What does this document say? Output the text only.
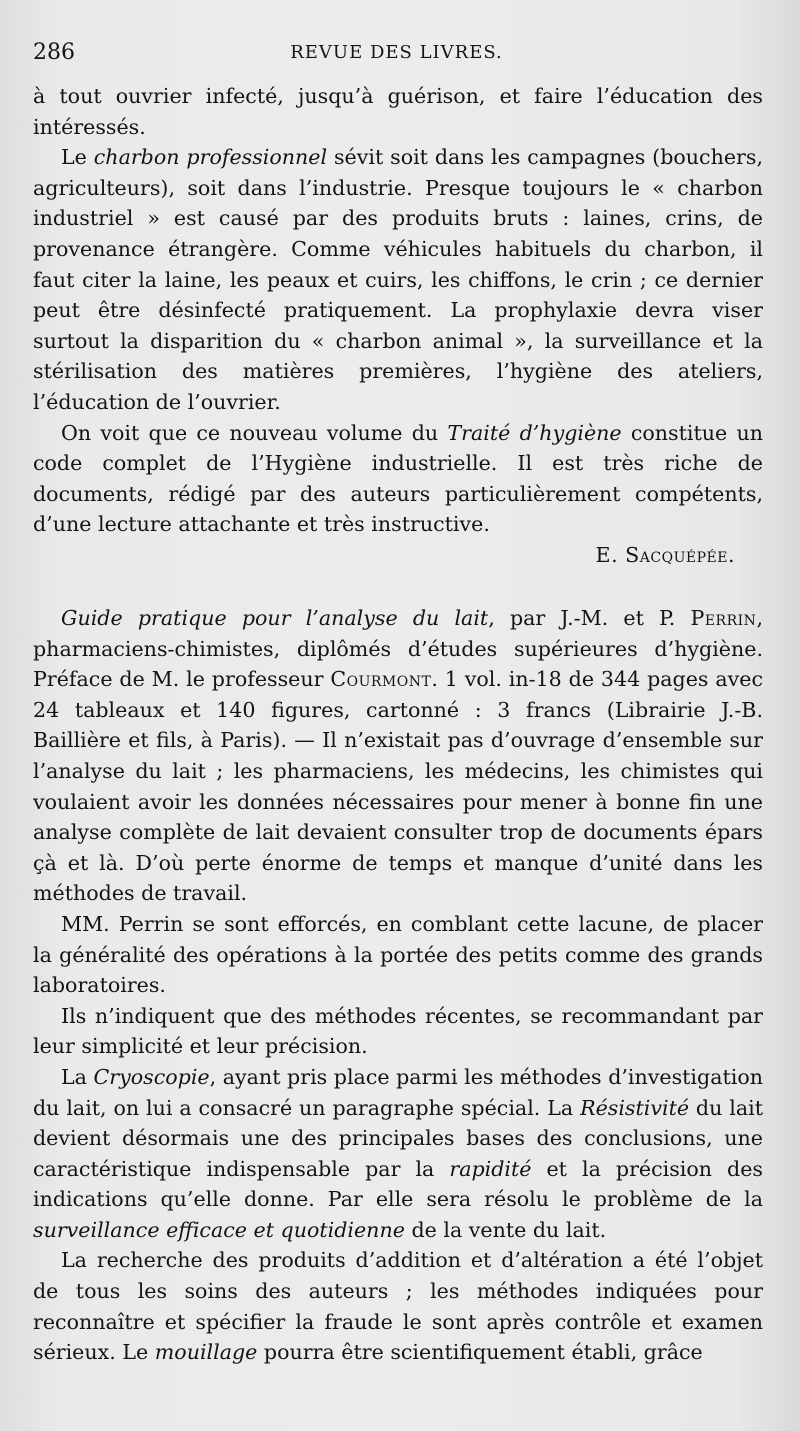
286	REVUE DES LIVRES.

à tout ouvrier infecté, jusqu’à guérison, et faire l’éducation des intéressés.

Le charbon professionnel sévit soit dans les campagnes (bouchers, agriculteurs), soit dans l’industrie. Presque toujours le « charbon industriel » est causé par des produits bruts : laines, crins, de provenance étrangère. Comme véhicules habituels du charbon, il faut citer la laine, les peaux et cuirs, les chiffons, le crin ; ce dernier peut être désinfecté pratiquement. La prophylaxie devra viser surtout la disparition du « charbon animal », la surveillance et la stérilisation des matières premières, l’hygiène des ateliers, l’éducation de l’ouvrier.

On voit que ce nouveau volume du Traité d’hygiène constitue un code complet de l’Hygiène industrielle. Il est très riche de documents, rédigé par des auteurs particulièrement compétents, d’une lecture attachante et très instructive.

E. Sacquépée.

Guide pratique pour l’analyse du lait, par J.-M. et P. Perrin, pharmaciens-chimistes, diplômés d’études supérieures d’hygiène. Préface de M. le professeur Courmont. 1 vol. in-18 de 344 pages avec 24 tableaux et 140 figures, cartonné : 3 francs (Librairie J.-B. Baillière et fils, à Paris). — Il n’existait pas d’ouvrage d’ensemble sur l’analyse du lait ; les pharmaciens, les médecins, les chimistes qui voulaient avoir les données nécessaires pour mener à bonne fin une analyse complète de lait devaient consulter trop de documents épars çà et là. D’où perte énorme de temps et manque d’unité dans les méthodes de travail.

MM. Perrin se sont efforcés, en comblant cette lacune, de placer la généralité des opérations à la portée des petits comme des grands laboratoires.

Ils n’indiquent que des méthodes récentes, se recommandant par leur simplicité et leur précision.

La Cryoscopie, ayant pris place parmi les méthodes d’investigation du lait, on lui a consacré un paragraphe spécial. La Résistivité du lait devient désormais une des principales bases des conclusions, une caractéristique indispensable par la rapidité et la précision des indications qu’elle donne. Par elle sera résolu le problème de la surveillance efficace et quotidienne de la vente du lait.

La recherche des produits d’addition et d’altération a été l’objet de tous les soins des auteurs ; les méthodes indiquées pour reconnaître et spécifier la fraude le sont après contrôle et examen sérieux. Le mouillage pourra être scientifiquement établi, grâce
